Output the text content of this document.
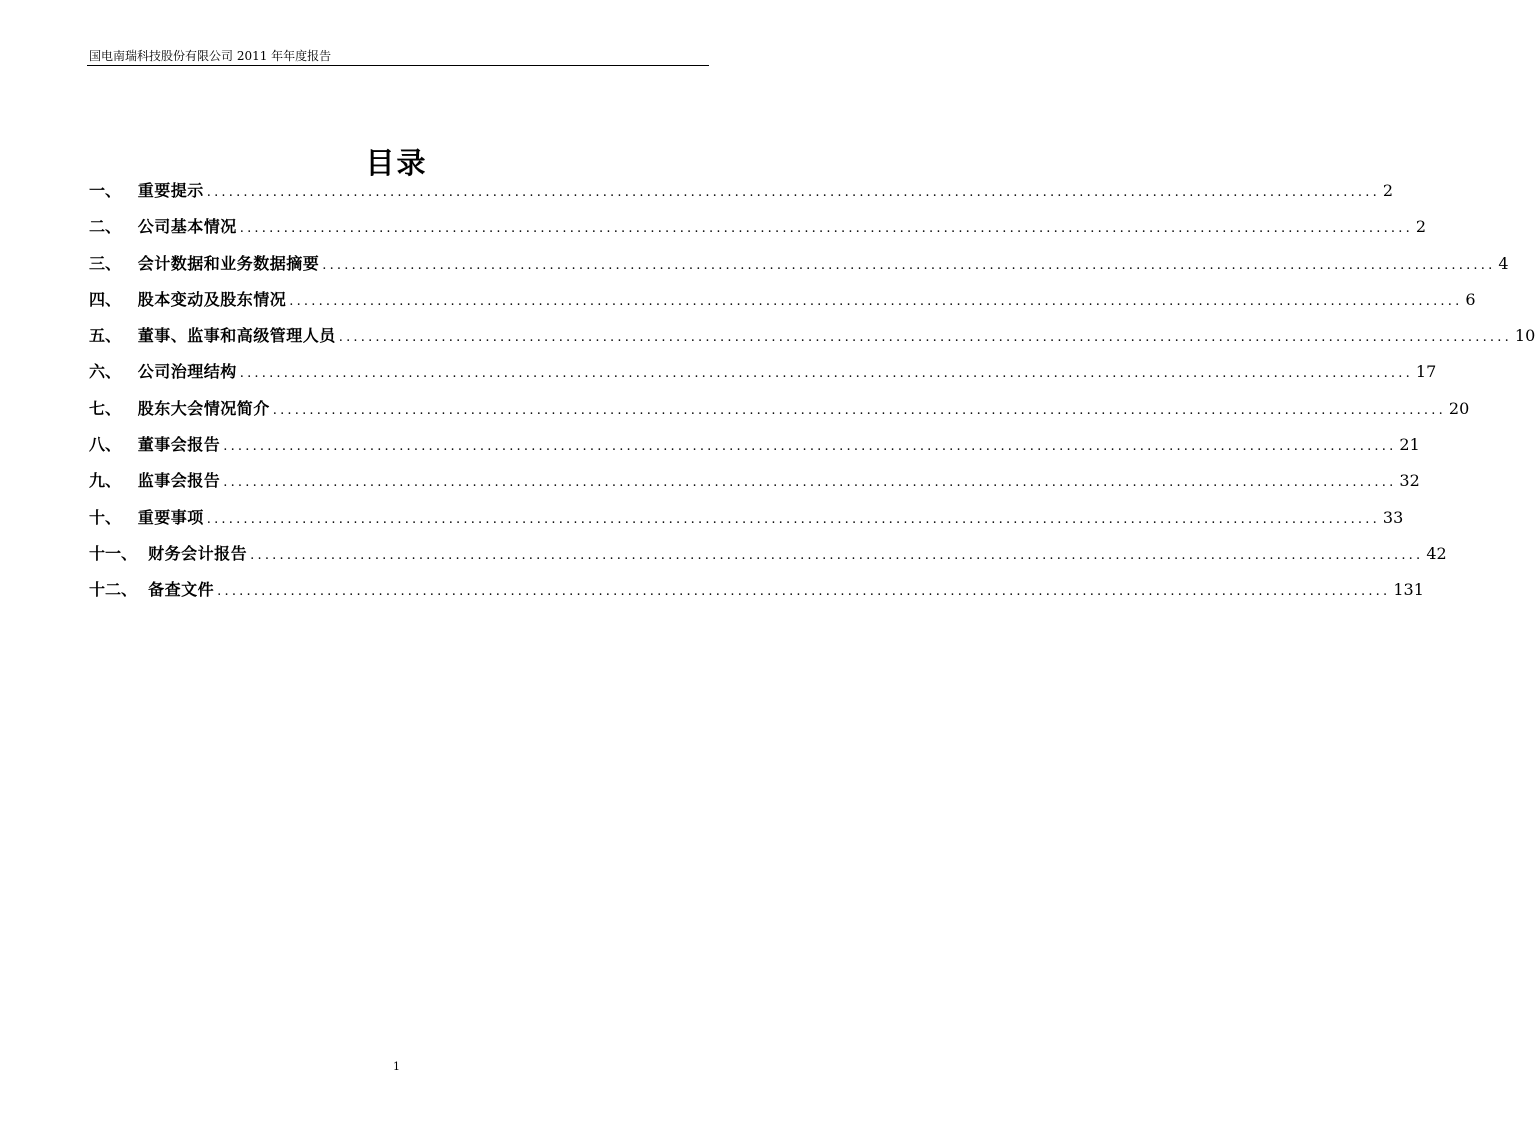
国电南瑞科技股份有限公司 2011 年年度报告
目录
一、
重要提示 ................................................................................................................................................................ 2
二、
公司基本情况 ................................................................................................................................................................ 2
三、
会计数据和业务数据摘要 ................................................................................................................................................................ 4
四、
股本变动及股东情况 ................................................................................................................................................................ 6
五、
董事、监事和高级管理人员 ................................................................................................................................................................ 10
六、
公司治理结构 ................................................................................................................................................................ 17
七、
股东大会情况简介 ................................................................................................................................................................ 20
八、
董事会报告 ................................................................................................................................................................ 21
九、
监事会报告 ................................................................................................................................................................ 32
十、
重要事项 ................................................................................................................................................................ 33
十一、
财务会计报告 ................................................................................................................................................................ 42
十二、
备查文件 ................................................................................................................................................................ 131
1
